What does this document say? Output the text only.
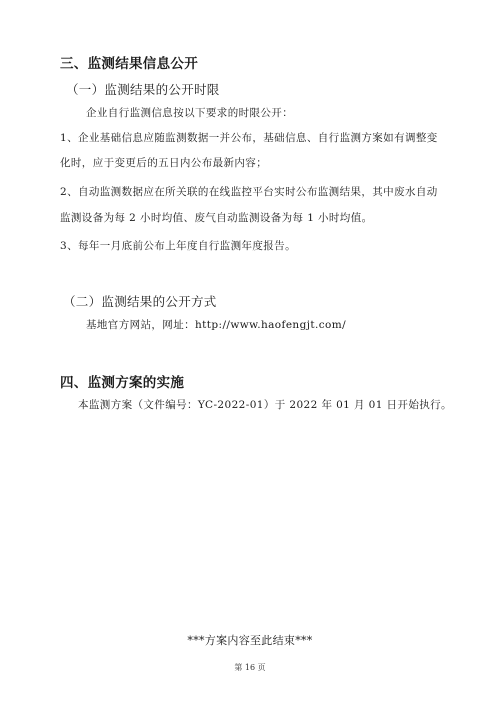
三、监测结果信息公开
（一）监测结果的公开时限
企业自行监测信息按以下要求的时限公开：
1、企业基础信息应随监测数据一并公布，基础信息、自行监测方案如有调整变
化时，应于变更后的五日内公布最新内容；
2、自动监测数据应在所关联的在线监控平台实时公布监测结果，其中废水自动
监测设备为每 2 小时均值、废气自动监测设备为每 1 小时均值。
3、每年一月底前公布上年度自行监测年度报告。
（二）监测结果的公开方式
基地官方网站，网址：http://www.haofengjt.com/
四、监测方案的实施
本监测方案（文件编号：YC-2022-01）于 2022 年 01 月 01 日开始执行。
***方案内容至此结束***
第 16 页
